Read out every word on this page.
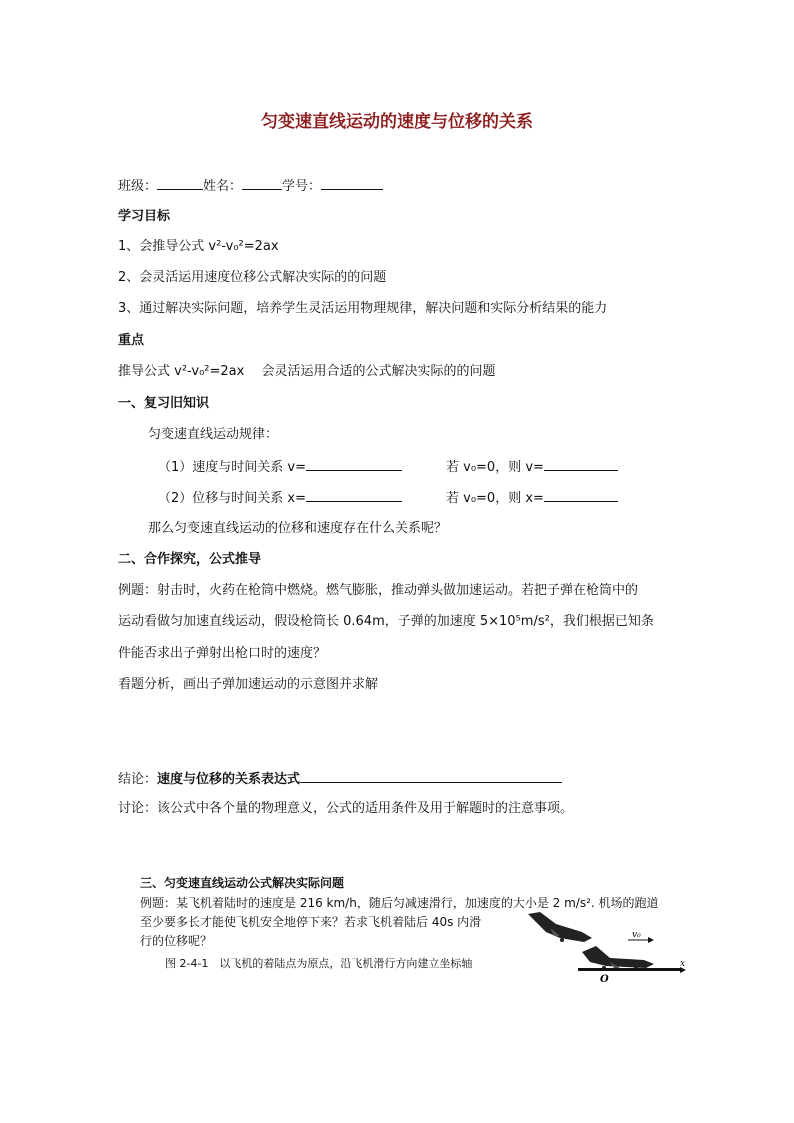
匀变速直线运动的速度与位移的关系
班级：	姓名：	学号：
学习目标
1、会推导公式 v²-v₀²=2ax
2、会灵活运用速度位移公式解决实际的的问题
3、通过解决实际问题，培养学生灵活运用物理规律，解决问题和实际分析结果的能力
重点
推导公式 v²-v₀²=2ax　 会灵活运用合适的公式解决实际的的问题
一、复习旧知识
匀变速直线运动规律：
（1）速度与时间关系 v=	若 v₀=0，则 v=
（2）位移与时间关系 x=	若 v₀=0，则 x=
那么匀变速直线运动的位移和速度存在什么关系呢？
二、合作探究，公式推导
例题：射击时，火药在枪筒中燃烧。燃气膨胀，推动弹头做加速运动。若把子弹在枪筒中的
运动看做匀加速直线运动，假设枪筒长 0.64m，子弹的加速度 5×10⁵m/s²，我们根据已知条
件能否求出子弹射出枪口时的速度？
看题分析，画出子弹加速运动的示意图并求解
结论：速度与位移的关系表达式
讨论：该公式中各个量的物理意义，公式的适用条件及用于解题时的注意事项。
三、匀变速直线运动公式解决实际问题
例题：某飞机着陆时的速度是 216 km/h，随后匀减速滑行，加速度的大小是 2 m/s². 机场的跑道
至少要多长才能使飞机安全地停下来？若求飞机着陆后 40s 内滑
行的位移呢？
图 2-4-1　以飞机的着陆点为原点，沿飞机滑行方向建立坐标轴
v₀
x
O
